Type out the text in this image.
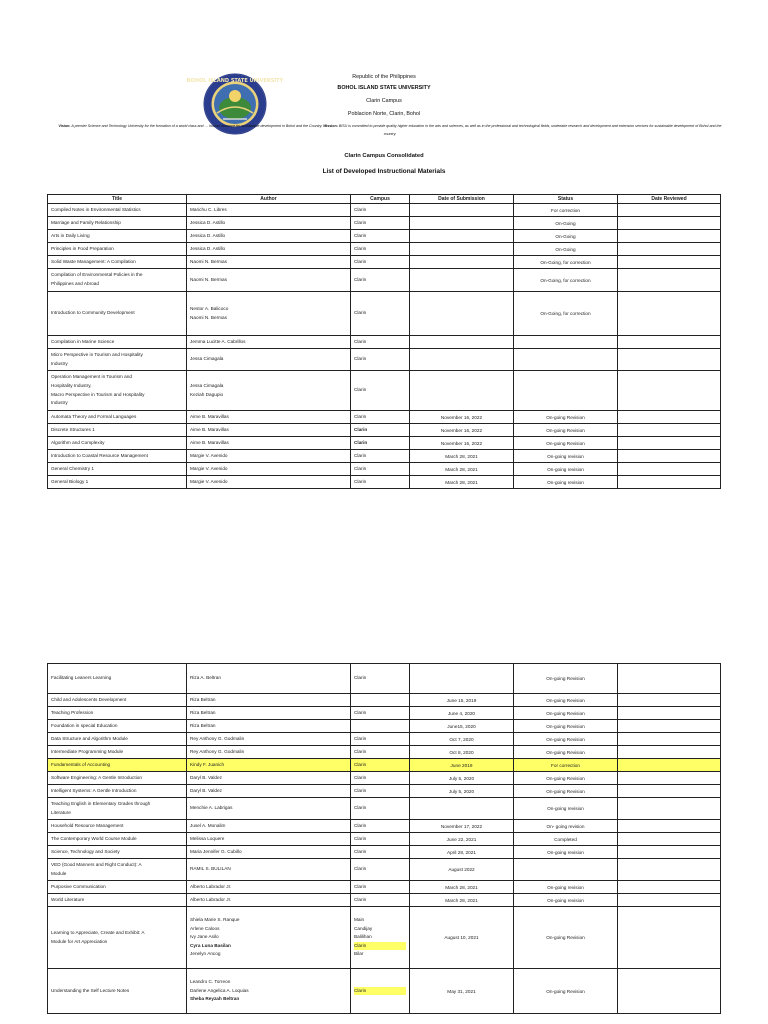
BOHOL ISLAND STATE UNIVERSITY
Republic of the Philippines
BOHOL ISLAND STATE UNIVERSITY
Clarin Campus
Poblacion Norte, Clarin, Bohol
Vision: A premier Science and Technology University for the formation of a world class and … human resource for sustainable development in Bohol and the Country. Mission: BISU is committed to provide quality higher education in the arts and sciences, as well as in the professional and technological fields, undertake research and development and extension services for sustainable development of Bohol and the country.
Clarin Campus Consolidated
List of Developed Instructional Materials
Title	Author	Campus	Date of Submission	Status	Date Reviewed

Compiled Notes in Environmental Statistics	Marichu C. Libres	Clarin		For correction	

Marriage and Family Relationship	Jessica D. Astillo	Clarin		On-Going	

Arts in Daily Living	Jessica D. Astillo	Clarin		On-Going	

Principles in Food Preparation	Jessica D. Astillo	Clarin		On-Going	

Solid Waste Management: A Compilation	Naomi N. Bermas	Clarin		On-Going, for correction	

Compilation of Environmental Policies in the
Philippines and Abroad	Naomi N. Bermas	Clarin		On-Going, for correction	

Introduction to Community Development	Nestor A. Balicoco
Naomi N. Bermas	Clarin		On-Going, for correction	

Compilation in Marine Science	Jemma Lucitte A. Cabrillos	Clarin			

Micro Perspective in Tourism and Hospitality
Industry	Jessa Cimagala	Clarin			

Operation Management in Tourism and
Hospitality Industry,
Macro Perspective in Tourism and Hospitality
Industry	Jessa Cimagala
Keziah Dagupio	Clarin			

Automata Theory and Formal Languages	Aime B. Maravillas	Clarin	November 16, 2022	On-going Revision	

Discrete Structures 1	Aime B. Maravillas	Clarin	November 16, 2022	On-going Revision	

Algorithm and Complexity	Aime B. Maravillas	Clarin	November 16, 2022	On-going Revision	

Introduction to Coastal Resource Management	Margie V. Avenido	Clarin	March 28, 2021	On-going revision	

General Chemistry 1	Margie V. Avenido	Clarin	March 28, 2021	On-going revision	

General Biology 1	Margie V. Avenido	Clarin	March 28, 2021	On-going revision	
Facilitating Leaners Learning	Riza A. Beltran	Clarin		On-going Revision	

Child and Adolescents Development	Riza Beltran		June 15, 2019	On-going Revision	

Teaching Profession	Riza Beltran	Clarin	June 4, 2020	On-going Revision	

Foundation in special Education	Riza Beltran		June15, 2020	On-going Revision	

Data Structure and Algorithm Module	Rey Anthony G. Godmalin	Clarin	Oct 7, 2020	On-going Revision	

Intermediate Programming Module	Rey Anthony G. Godmalin	Clarin	Oct 8, 2020	On-going Revision	

Fundamentals of Accounting	Kindy F. Juanich	Clarin	June 2019	For correction	

Software Engineering: A Gentle Introduction	Daryl B. Valdez	Clarin	July 5, 2020	On-going Revision	

Intelligent Systems: A Gentle Introduction	Daryl B. Valdez	Clarin	July 5, 2020	On-going Revision	

Teaching English in Elementary Grades through
Literature	Menchie A. Labrigas	Clarin		On-going revision	

Household Resource Management	Jusel A. Monalim	Clarin	November 17, 2022	On- going revision	

The Contemporary World Course Module	Melissa Loquere	Clarin	June 22, 2021	Completed	

Science, Technology and Society	Maria Jennifer G. Cubillo	Clarin	April 28, 2021	On-going revision	

VED (Good Manners and Right Conduct): A
Module	RAMIL S. BULILAN	Clarin	August 2022		

Purposive Communication	Alberto Labrador Jr.	Clarin	March 28, 2021	On-going revision	

World Literature	Alberto Labrador Jr.	Clarin	March 28, 2021	On-going revision	

Learning to Appreciate, Create and Exhibit: A
Module for Art Appreciation	Shiela Marie S. Ranque
Arlene Caloos
Ivy Jane Asilo
Cyra Luna Basilan
Jenelyn Ancog	Main
Candijay
Balilihan
Clarin
Bilar	August 10, 2021	On-going Revision	

Understanding the Self Lecture Notes	Leandro C. Torreon
Darlene Angelica A. Loquias
Sheba Reyzah Beltran	Clarin	May 31, 2021	On-going Revision	
